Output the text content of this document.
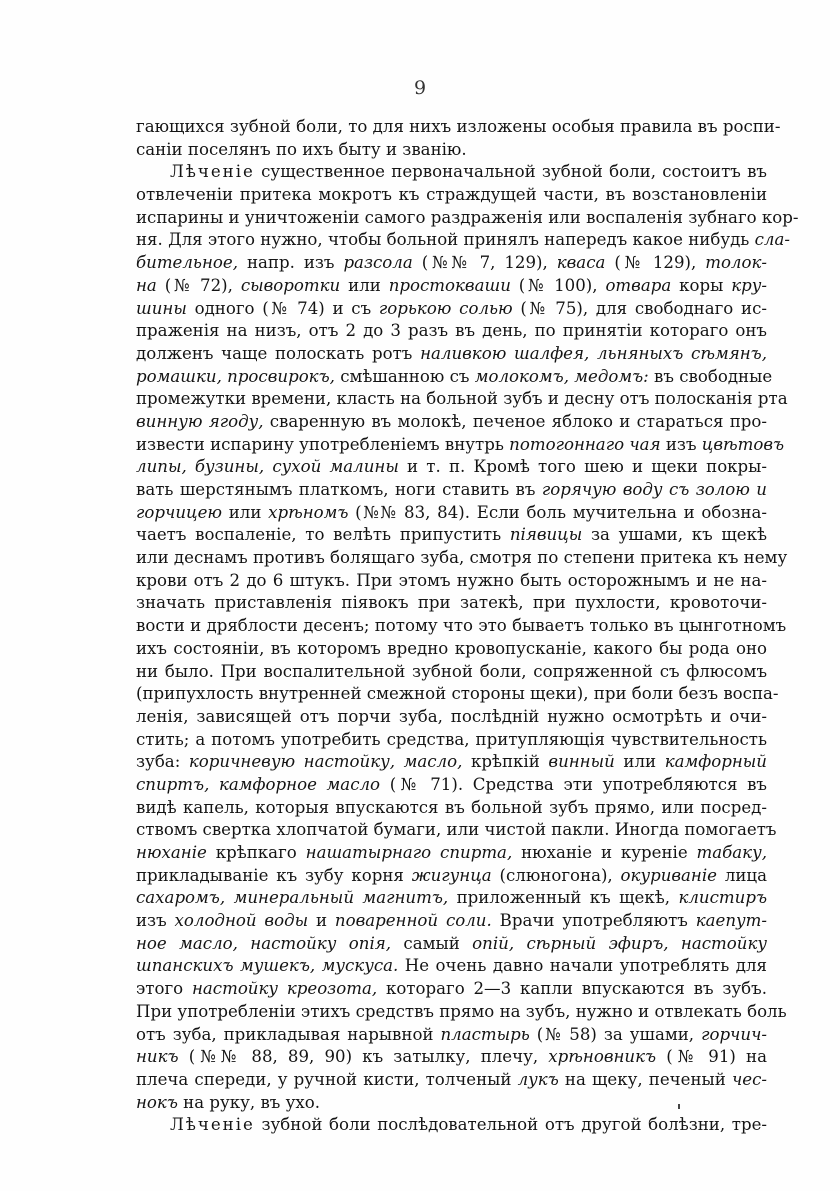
9
гающихся зубной боли, то для нихъ изложены особыя правила въ роспи-
саніи поселянъ по ихъ быту и званію.
Лѣчeнiе существенное первоначальной зубной боли, состоитъ въ
отвлеченіи притека мокротъ къ страждущей части, въ возстановленіи
испарины и уничтоженіи самого раздраженія или воспаленія зубнаго кор-
ня. Для этого нужно, чтобы больной принялъ напередъ какое нибудь сла-
бительное, напр. изъ разсола (№№ 7, 129), кваса (№ 129), толок-
на (№ 72), сыворотки или простоквашu (№ 100), отвара коры кру-
шины одного (№ 74) и съ горькою солью (№ 75), для свободнаго ис-
праженія на низъ, отъ 2 до 3 разъ въ день, по принятіи котораго онъ
долженъ чаще полоскать ротъ наливкою шалфея, льняныхъ сѣмянъ,
ромашки, просвирокъ, смѣшанною съ молокомъ, медомъ: въ свободные
промежутки времени, класть на больной зубъ и десну отъ полосканія рта
винную ягоду, сваренную въ молокѣ, печеное яблоко и стараться про-
извести испарину употребленіемъ внутрь потогоннаго чая изъ цвѣтовъ
липы, бузины, сухой малины и т. п. Кромѣ того шею и щеки покры-
вать шерстянымъ платкомъ, ноги ставить въ горячую воду съ золою и
горчицею или хрѣномъ (№№ 83, 84). Если боль мучительна и обозна-
чаетъ воспаленіе, то велѣть припустить піявицы за ушами, къ щекѣ
или деснамъ противъ болящаго зуба, смотря по степени притека къ нему
крови отъ 2 до 6 штукъ. При этомъ нужно быть осторожнымъ и не на-
значать приставленія піявокъ при затекѣ, при пухлости, кровоточи-
вости и дряблости деcенъ; потому что это бываетъ только въ цынготномъ
ихъ состояніи, въ которомъ вредно кровопусканіе, какого бы рода оно
ни было. При воспалительной зубной боли, сопряженной съ флюсомъ
(припухлость внутренней смежной стороны щеки), при боли безъ воспа-
ленія, зависящей отъ порчи зуба, послѣдній нужно осмотрѣть и очи-
стить; а потомъ употребить средства, притупляющія чувствительность
зуба: коричневую настойку, масло, крѣпкій винный или камфорный
спиртъ, камфорное масло (№ 71). Средства эти употребляются въ
видѣ капель, которыя впускаются въ больной зубъ прямо, или посред-
ствомъ свертка хлопчатой бумаги, или чистой пакли. Иногда помогаетъ
нюханіе крѣпкаго нашатырнаго спирта, нюханіе и куреніе табаку,
прикладываніе къ зубу корня жигунца (слюногона), окуриваніе лица
сахаромъ, минеральный магнитъ, приложенный къ щекѣ, клистиръ
изъ холодной воды и поваренной соли. Врачи употребляютъ каепут-
ное масло, настойку опія, самый опій, сѣрный эфиръ, настойку
шпанскихъ мушекъ, мускуса. Не очень давно начали употреблять для
этого настойку креозота, котораго 2—3 капли впускаются въ зубъ.
При употребленіи этихъ средствъ прямо на зубъ, нужно и отвлекать боль
отъ зуба, прикладывая нарывной пластырь (№ 58) за ушами, горчич-
никъ (№№ 88, 89, 90) къ затылку, плечу, хрѣновникъ (№ 91) на
плеча спереди, у ручной кисти, толченый лукъ на щеку, печеный чес-
нокъ на руку, въ ухо.
Лѣчeнiе зубной боли послѣдовательной отъ другой болѣзни, тре-
